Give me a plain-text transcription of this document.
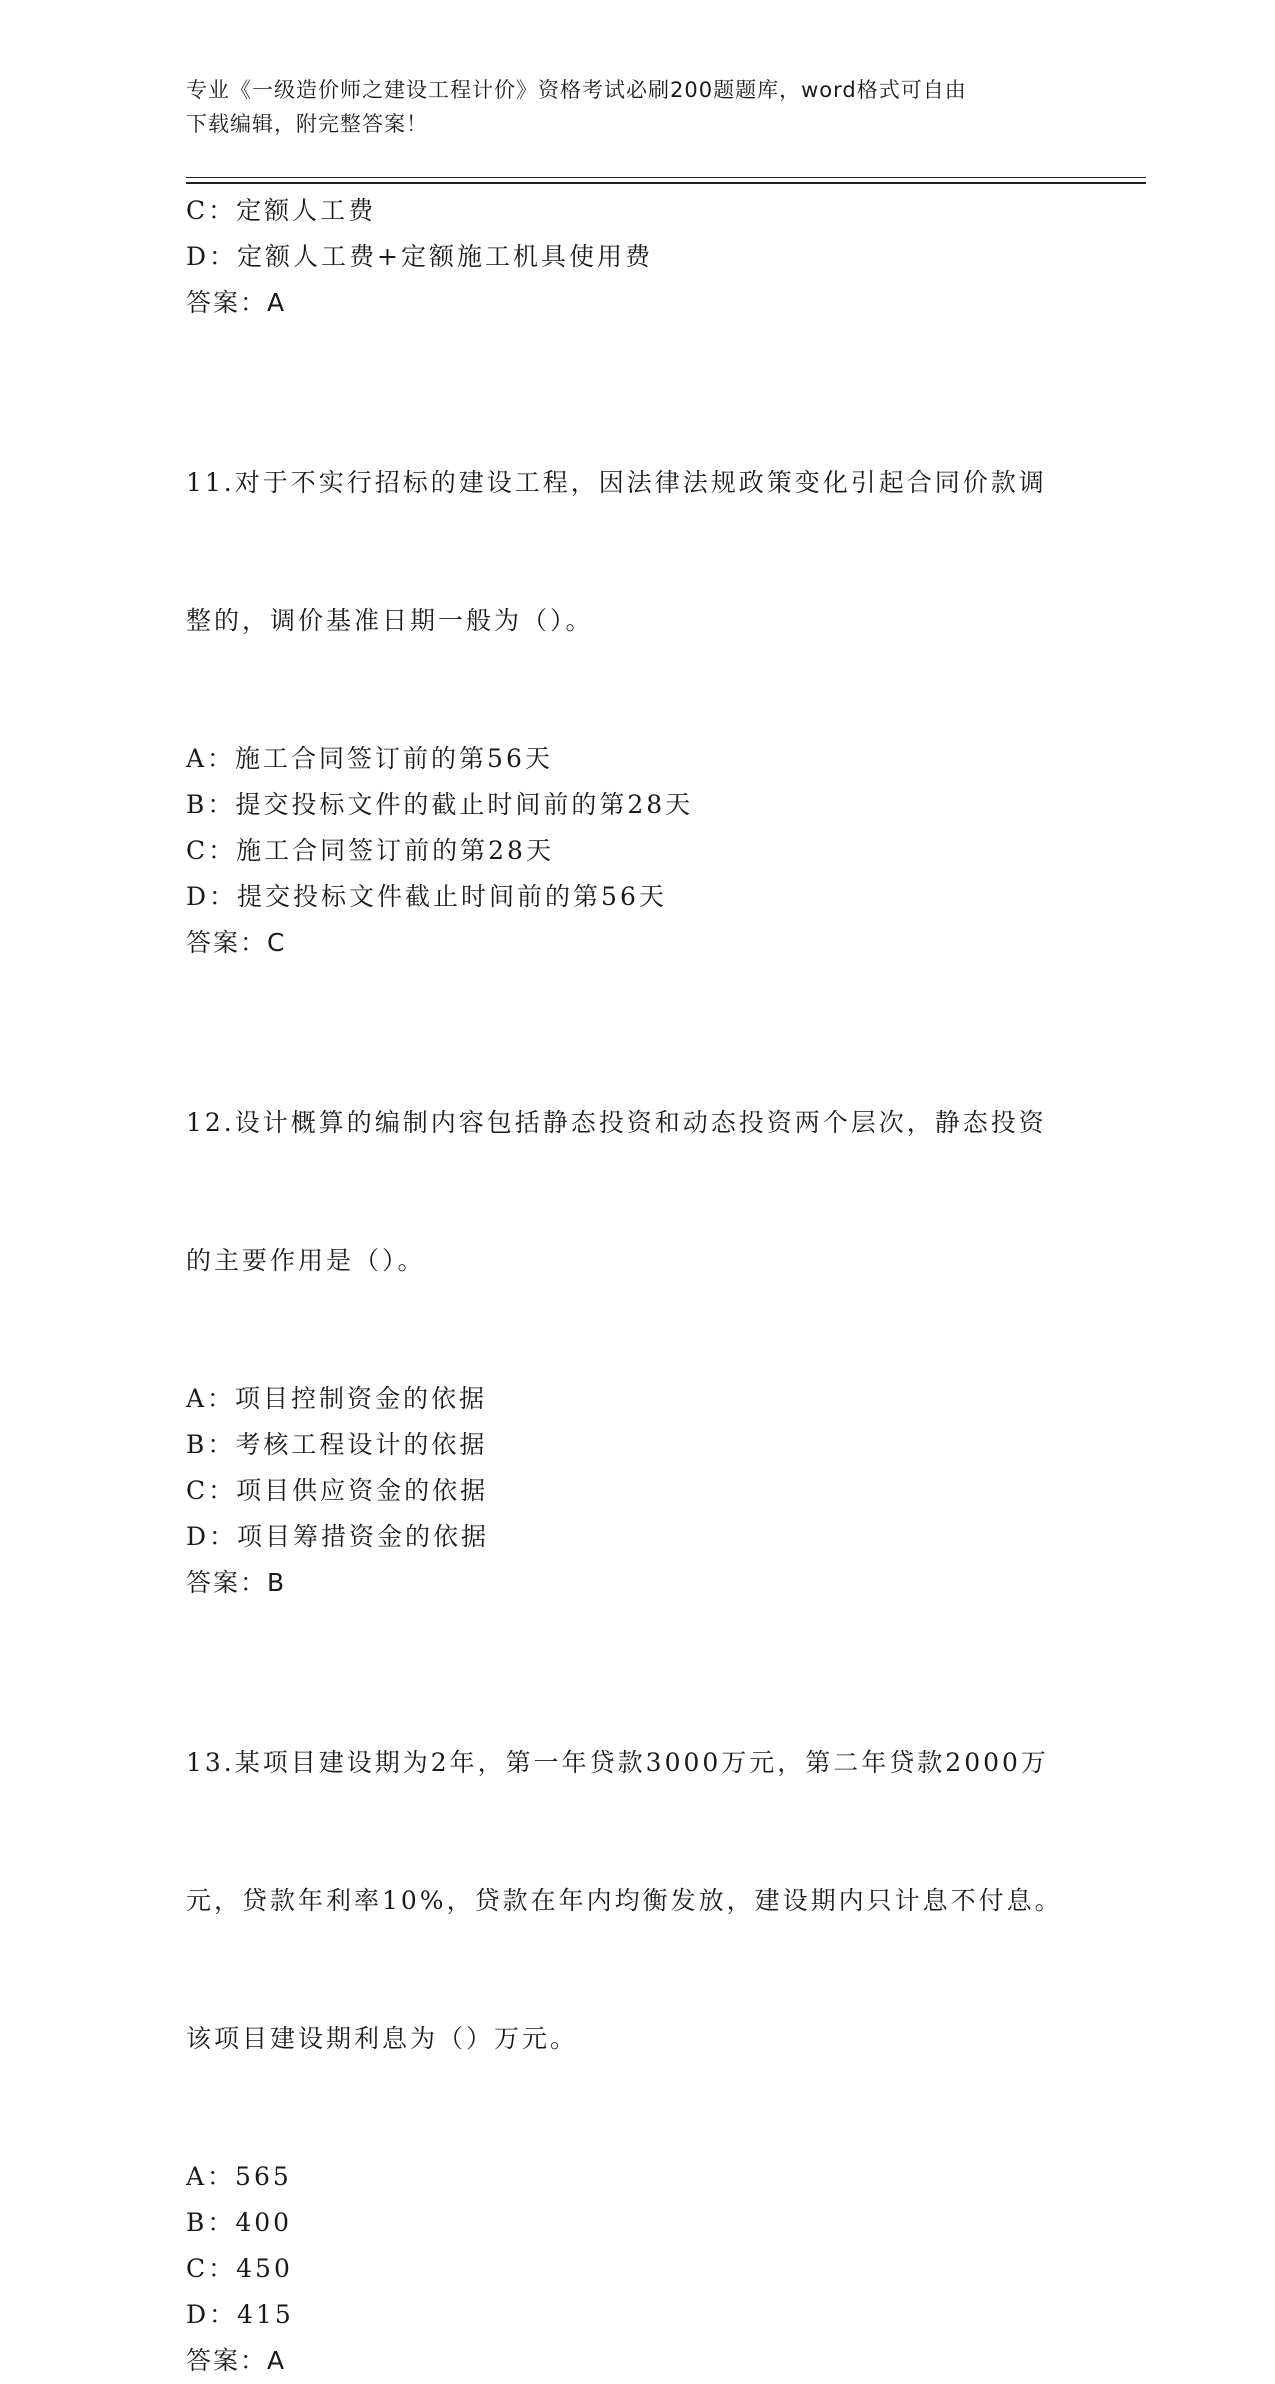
专业《一级造价师之建设工程计价》资格考试必刷200题题库，word格式可自由
下载编辑，附完整答案！
C：定额人工费
D：定额人工费+定额施工机具使用费
答案：A

11.对于不实行招标的建设工程，因法律法规政策变化引起合同价款调

整的，调价基准日期一般为（）。

A：施工合同签订前的第56天
B：提交投标文件的截止时间前的第28天
C：施工合同签订前的第28天
D：提交投标文件截止时间前的第56天
答案：C

12.设计概算的编制内容包括静态投资和动态投资两个层次，静态投资

的主要作用是（）。

A：项目控制资金的依据
B：考核工程设计的依据
C：项目供应资金的依据
D：项目筹措资金的依据
答案：B

13.某项目建设期为2年，第一年贷款3000万元，第二年贷款2000万

元，贷款年利率10%，贷款在年内均衡发放，建设期内只计息不付息。

该项目建设期利息为（）万元。

A：565
B：400
C：450
D：415
答案：A
